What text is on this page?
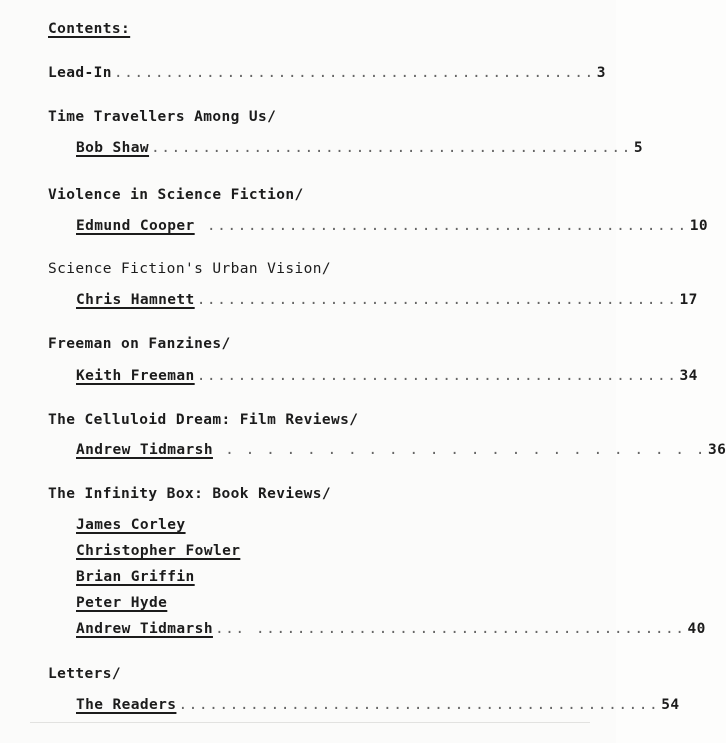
Contents:
Lead-In ............................................... 3
Time Travellers Among Us/
Bob Shaw ............................................... 5
Violence in Science Fiction/
Edmund Cooper ............................................... 10
Science Fiction's Urban Vision/
Chris Hamnett ............................................... 17
Freeman on Fanzines/
Keith Freeman ............................................... 34
The Celluloid Dream: Film Reviews/
Andrew Tidmarsh . . . . . . . . . . . . . . . . . . . . . . . . 36
The Infinity Box: Book Reviews/
James Corley
Christopher Fowler
Brian Griffin
Peter Hyde
Andrew Tidmarsh ... .......................................... 40
Letters/
The Readers ............................................... 54
